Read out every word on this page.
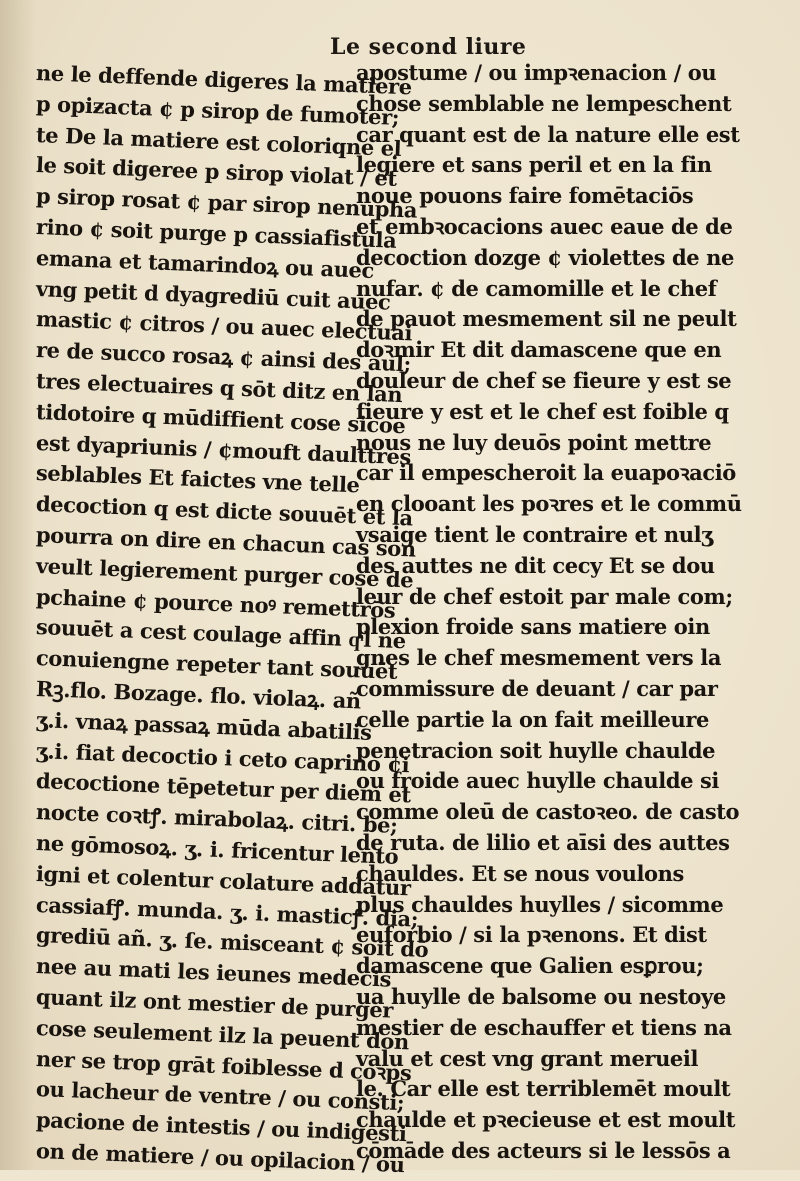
Le second liure
ne le deffende digeres la matiere
p opiƶacta ¢ p sirop de fumoter;
te De la matiere est coloriqne el
le soit digeree p sirop violat / et
p sirop rosat ¢ par sirop nenupha
rino ¢ soit purge p cassiafistula
emana et tamarindoꝝ ou auec
vng petit d dyagrediū cuit auec
mastic ¢ citros / ou auec electuai
re de succo rosaꝝ ¢ ainsi des aul;
tres electuaires q sōt ditz en lan
tidotoire q mūdiffient cose sicoe
est dyapriunis / ¢mouft daulttres
seblables Et faictes vne telle
decoction q est dicte souuēt et la
pourra on dire en chacun cas son
veult legierement purger cose de
pchaine ¢ pource noꝰ remettrōs
souuēt a cest coulage affin qͥl ne
conuiengne repeter tant souuēt
Rꝫ.flo. Bozage. flo. violaꝝ. añ
ʒ.i. vnaꝝ passaꝝ mūda abatilis
ʒ.i. fiat decoctio i ceto caprino ¢i
decoctione tēpetetur per diem et
nocte coꝛtꝭ. mirabolaꝝ. citri. be;
ne gōmosoꝝ. ʒ. i. fricentur lento
igni et colentur colature addatur
cassiafꝭ. munda. ʒ. i. masticꝭ. dia;
grediū añ. ʒ. ſe. misceant ¢ soit dō
nee au mati les ieunes medecis
quant ilz ont mestier de purger
cose seulement ilz la peuent don
ner se trop grāt foiblesse d coꝛps
ou lacheur de ventre / ou consti;
pacione de intestis / ou indigesti
on de matiere / ou opilacion / ou
apostume / ou impꝛenacion / ou
chose semblable ne lempeschent
car quant est de la nature elle est
legiere et sans peril et en la fin
noue pouons faire fomētaciōs
et embꝛocacions auec eaue de de
decoction dozge ¢ violettes de ne
nufar. ¢ de camomille et le chef
de pauot mesmement sil ne peult
doꝛmir Et dit damascene que en
douleur de chef se fieure y est se
fieure y est et le chef est foible q
nous ne luy deuōs point mettre
car il empescheroit la euapoꝛaciō
en clooant les poꝛres et le commū
vsaige tient le contraire et nulʒ
des auttes ne dit cecy Et se dou
leur de chef estoit par male com;
plexion froide sans matiere oin
gnes le chef mesmement vers la
commissure de deuant / car par
celle partie la on fait meilleure
penetracion soit huylle chaulde
ou froide auec huylle chaulde si
comme oleū de castoꝛeo. de casto
de ruta. de lilio et aīsi des auttes
chauldes. Et se nous voulons
plus chauldes huylles / sicomme
euforbio / si la pꝛenons. Et dist
damascene que Galien esꝑrou;
ua huylle de balsome ou nestoye
mestier de eschauffer et tiens na
valu et cest vng grant merueil
le. Car elle est terriblemēt moult
chaulde et pꝛecieuse et est moult
cōmāde des acteurs si le lessōs a
